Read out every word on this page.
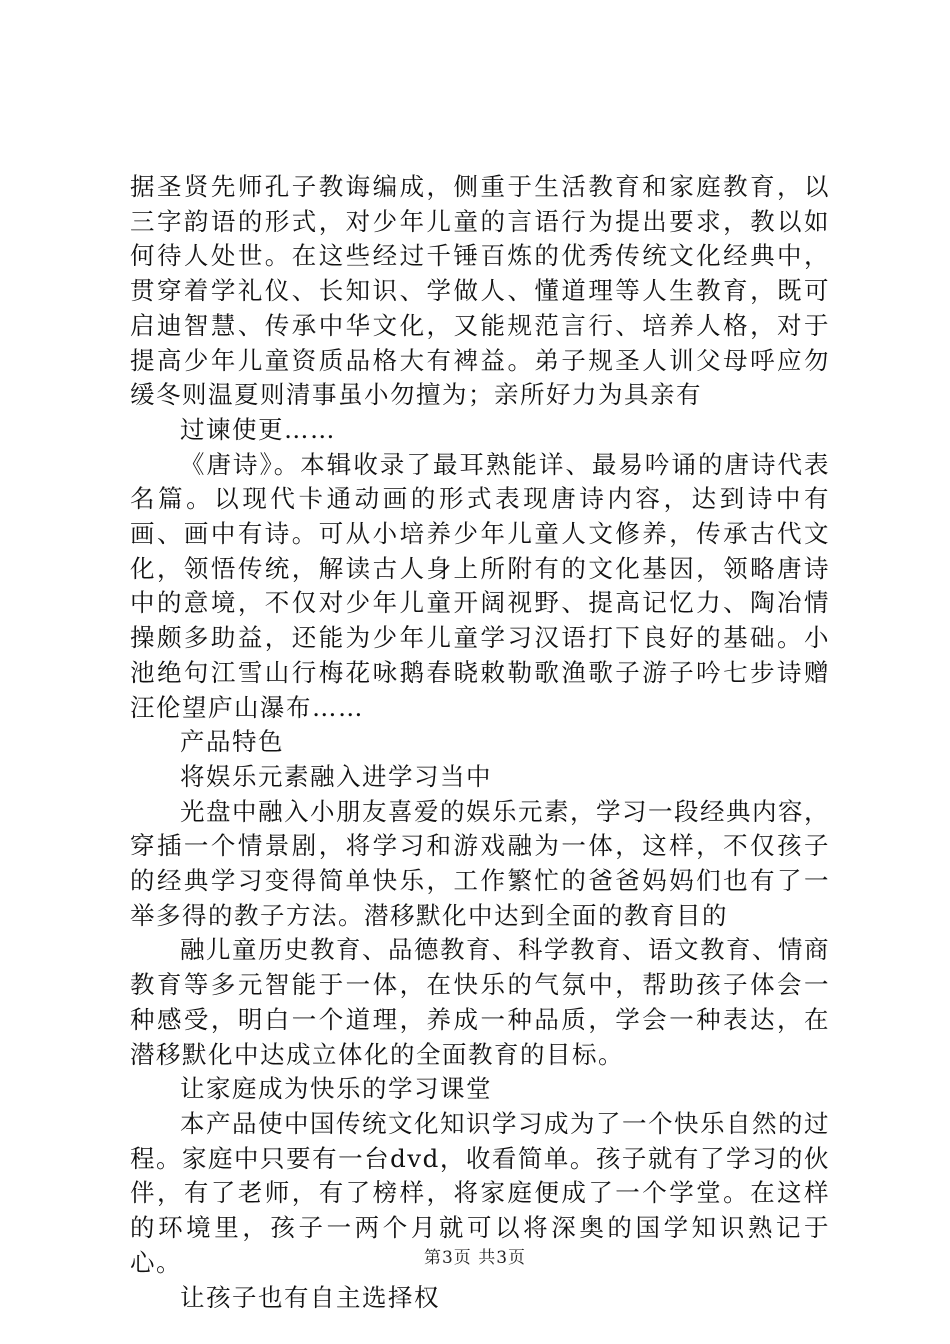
据圣贤先师孔子教诲编成，侧重于生活教育和家庭教育，以三字韵语的形式，对少年儿童的言语行为提出要求，教以如何待人处世。在这些经过千锤百炼的优秀传统文化经典中，贯穿着学礼仪、长知识、学做人、懂道理等人生教育，既可启迪智慧、传承中华文化，又能规范言行、培养人格，对于提高少年儿童资质品格大有裨益。弟子规圣人训父母呼应勿缓冬则温夏则清事虽小勿擅为；亲所好力为具亲有

过谏使更……

《唐诗》。本辑收录了最耳熟能详、最易吟诵的唐诗代表名篇。以现代卡通动画的形式表现唐诗内容，达到诗中有画、画中有诗。可从小培养少年儿童人文修养，传承古代文化，领悟传统，解读古人身上所附有的文化基因，领略唐诗中的意境，不仅对少年儿童开阔视野、提高记忆力、陶冶情操颇多助益，还能为少年儿童学习汉语打下良好的基础。小池绝句江雪山行梅花咏鹅春晓敕勒歌渔歌子游子吟七步诗赠汪伦望庐山瀑布……

产品特色

将娱乐元素融入进学习当中

光盘中融入小朋友喜爱的娱乐元素，学习一段经典内容，穿插一个情景剧，将学习和游戏融为一体，这样，不仅孩子的经典学习变得简单快乐，工作繁忙的爸爸妈妈们也有了一举多得的教子方法。潜移默化中达到全面的教育目的

融儿童历史教育、品德教育、科学教育、语文教育、情商教育等多元智能于一体，在快乐的气氛中，帮助孩子体会一种感受，明白一个道理，养成一种品质，学会一种表达，在潜移默化中达成立体化的全面教育的目标。

让家庭成为快乐的学习课堂

本产品使中国传统文化知识学习成为了一个快乐自然的过程。家庭中只要有一台dvd，收看简单。孩子就有了学习的伙伴，有了老师，有了榜样，将家庭便成了一个学堂。在这样的环境里，孩子一两个月就可以将深奥的国学知识熟记于心。

让孩子也有自主选择权

第3页 共3页
